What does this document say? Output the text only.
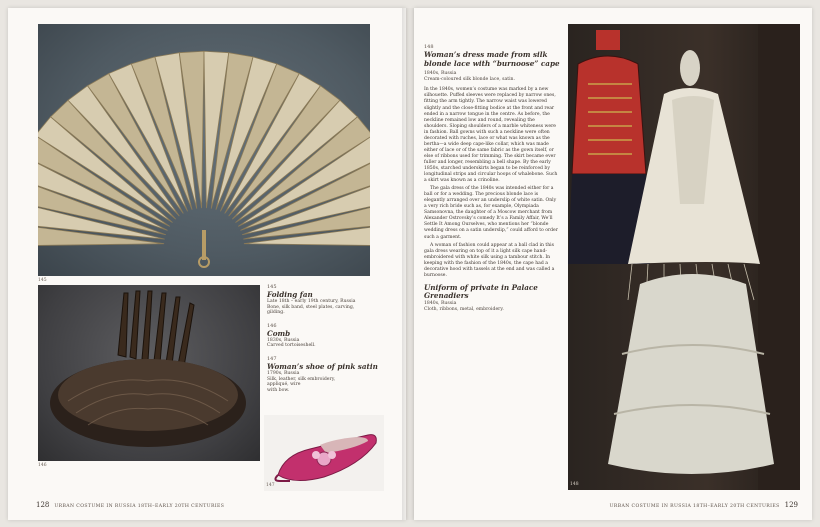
145
146
145
Folding fan
Late 18th – early 19th century, Russia
Bone, silk band, steel plates, carving,
gilding.
146
Comb
1830s, Russia
Carved tortoiseshell.
147
Woman’s shoe of pink satin
1790s, Russia
Silk, leather, silk embroidery,
appliqué, wire
with bow.
147
128 URBAN COSTUME IN RUSSIA 18TH–EARLY 20TH CENTURIES
148
Woman’s dress made from silk
blonde lace with “burnoose” cape
1840s, Russia
Cream-coloured silk blonde lace, satin.

In the 1840s, women’s costume was marked by a new silhouette. Puffed sleeves were replaced by narrow ones, fitting the arm tightly. The narrow waist was lowered slightly and the close-fitting bodice at the front and rear ended in a narrow tongue in the centre. As before, the neckline remained low and round, revealing the shoulders. Sloping shoulders of a marble whiteness were in fashion. Ball gowns with such a neckline were often decorated with ruches, lace or what was known as the bertha—a wide deep cape-like collar, which was made either of lace or of the same fabric as the gown itself, or else of ribbons used for trimming. The skirt became ever fuller and longer, resembling a bell shape. By the early 1850s, starched underskirts began to be reinforced by longitudinal strips and circular hoops of whalebone. Such a skirt was known as a crinoline.

The gala dress of the 1840s was intended either for a ball or for a wedding. The precious blonde lace is elegantly arranged over an underslip of white satin. Only a very rich bride such as, for example, Olympiada Samsonovna, the daughter of a Moscow merchant from Alexander Ostrovsky’s comedy It’s a Family Affair, We’ll Settle It Among Ourselves, who mentions her “blonde wedding dress on a satin underslip,” could afford to order such a garment.

A woman of fashion could appear at a ball clad in this gala dress wearing on top of it a light silk cape hand-embroidered with white silk using a tambour stitch. In keeping with the fashion of the 1840s, the cape had a decorative hood with tassels at the end and was called a burnoose.

Uniform of private in Palace Grenadiers
1840s, Russia
Cloth, ribbons, metal, embroidery.
148
URBAN COSTUME IN RUSSIA 18TH–EARLY 20TH CENTURIES 129
